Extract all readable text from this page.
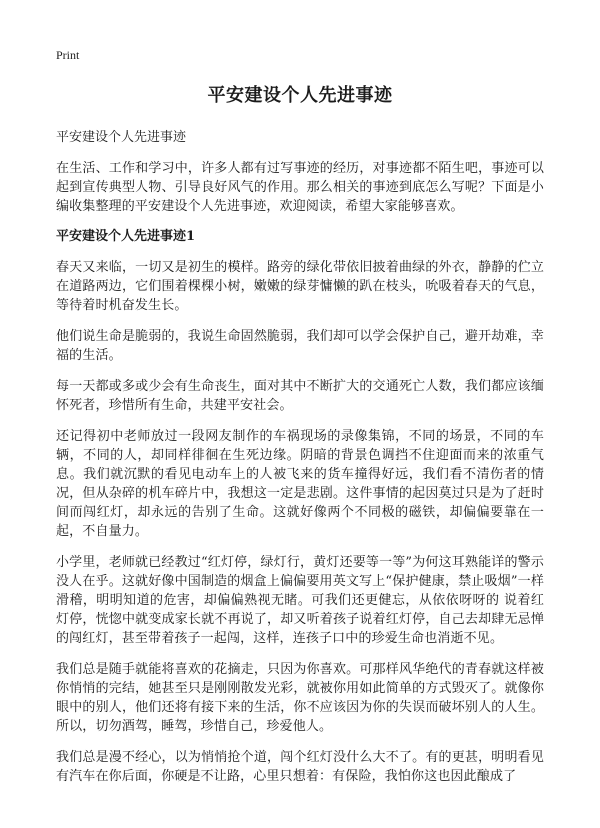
Print
平安建设个人先进事迹
平安建设个人先进事迹

在生活、工作和学习中，许多人都有过写事迹的经历，对事迹都不陌生吧，事迹可以起到宣传典型人物、引导良好风气的作用。那么相关的事迹到底怎么写呢？下面是小编收集整理的平安建设个人先进事迹，欢迎阅读，希望大家能够喜欢。

平安建设个人先进事迹1

春天又来临，一切又是初生的模样。路旁的绿化带依旧披着曲绿的外衣，静静的伫立在道路两边，它们围着棵棵小树，嫩嫩的绿芽慵懒的趴在枝头，吮吸着春天的气息，等待着时机奋发生长。

他们说生命是脆弱的，我说生命固然脆弱，我们却可以学会保护自己，避开劫难，幸福的生活。

每一天都或多或少会有生命丧生，面对其中不断扩大的交通死亡人数，我们都应该缅怀死者，珍惜所有生命，共建平安社会。

还记得初中老师放过一段网友制作的车祸现场的录像集锦，不同的场景，不同的车辆，不同的人，却同样徘徊在生死边缘。阴暗的背景色调挡不住迎面而来的浓重气息。我们就沉默的看见电动车上的人被飞来的货车撞得好远，我们看不清伤者的情况，但从杂碎的机车碎片中，我想这一定是悲剧。这件事情的起因莫过只是为了赶时间而闯红灯，却永远的告别了生命。这就好像两个不同极的磁铁，却偏偏要靠在一起，不自量力。

小学里，老师就已经教过“红灯停，绿灯行，黄灯还要等一等”为何这耳熟能详的警示没人在乎。这就好像中国制造的烟盒上偏偏要用英文写上“保护健康，禁止吸烟”一样滑稽，明明知道的危害，却偏偏熟视无睹。可我们还更健忘，从依依呀呀的 说着红灯停，恍惚中就变成家长就不再说了，却又听着孩子说着红灯停，自己去却肆无忌惮的闯红灯，甚至带着孩子一起闯，这样，连孩子口中的珍爱生命也消逝不见。

我们总是随手就能将喜欢的花摘走，只因为你喜欢。可那样风华绝代的青春就这样被你悄悄的完结，她甚至只是刚刚散发光彩，就被你用如此简单的方式毁灭了。就像你眼中的别人，他们还将有接下来的生活，你不应该因为你的失误而破坏别人的人生。所以，切勿酒驾，睡驾，珍惜自己，珍爱他人。

我们总是漫不经心，以为悄悄抢个道，闯个红灯没什么大不了。有的更甚，明明看见有汽车在你后面，你硬是不让路，心里只想着：有保险，我怕你这也因此酿成了
